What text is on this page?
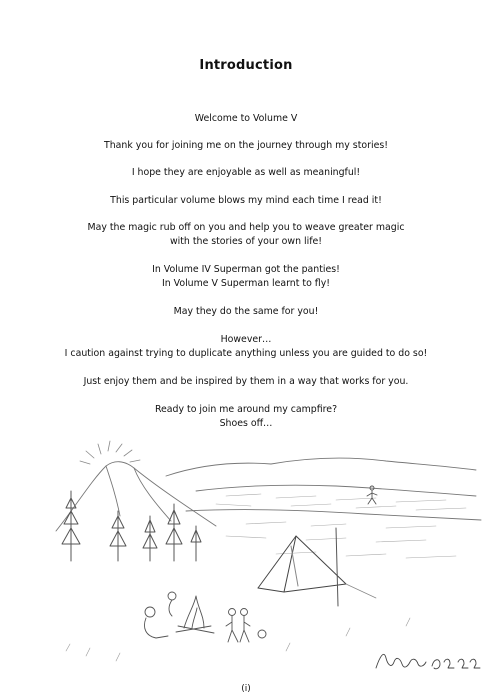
Introduction
Welcome to Volume V
Thank you for joining me on the journey through my stories!
I hope they are enjoyable as well as meaningful!
This particular volume blows my mind each time I read it!
May the magic rub off on you and help you to weave greater magic
with the stories of your own life!
In Volume IV Superman got the panties!
In Volume V Superman learnt to fly!
May they do the same for you!
However…
I caution against trying to duplicate anything unless you are guided to do so!
Just enjoy them and be inspired by them in a way that works for you.
Ready to join me around my campfire?
Shoes off…
(i)
